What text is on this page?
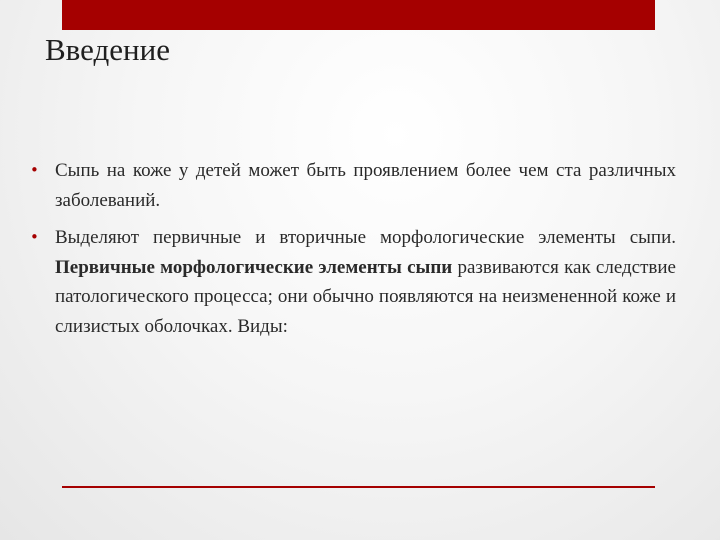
Введение

• Сыпь на коже у детей может быть проявлением более чем ста различных заболеваний.

• Выделяют первичные и вторичные морфологические элементы сыпи. Первичные морфологические элементы сыпи развиваются как следствие патологического процесса; они обычно появляются на неизмененной коже и слизистых оболочках. Виды:
